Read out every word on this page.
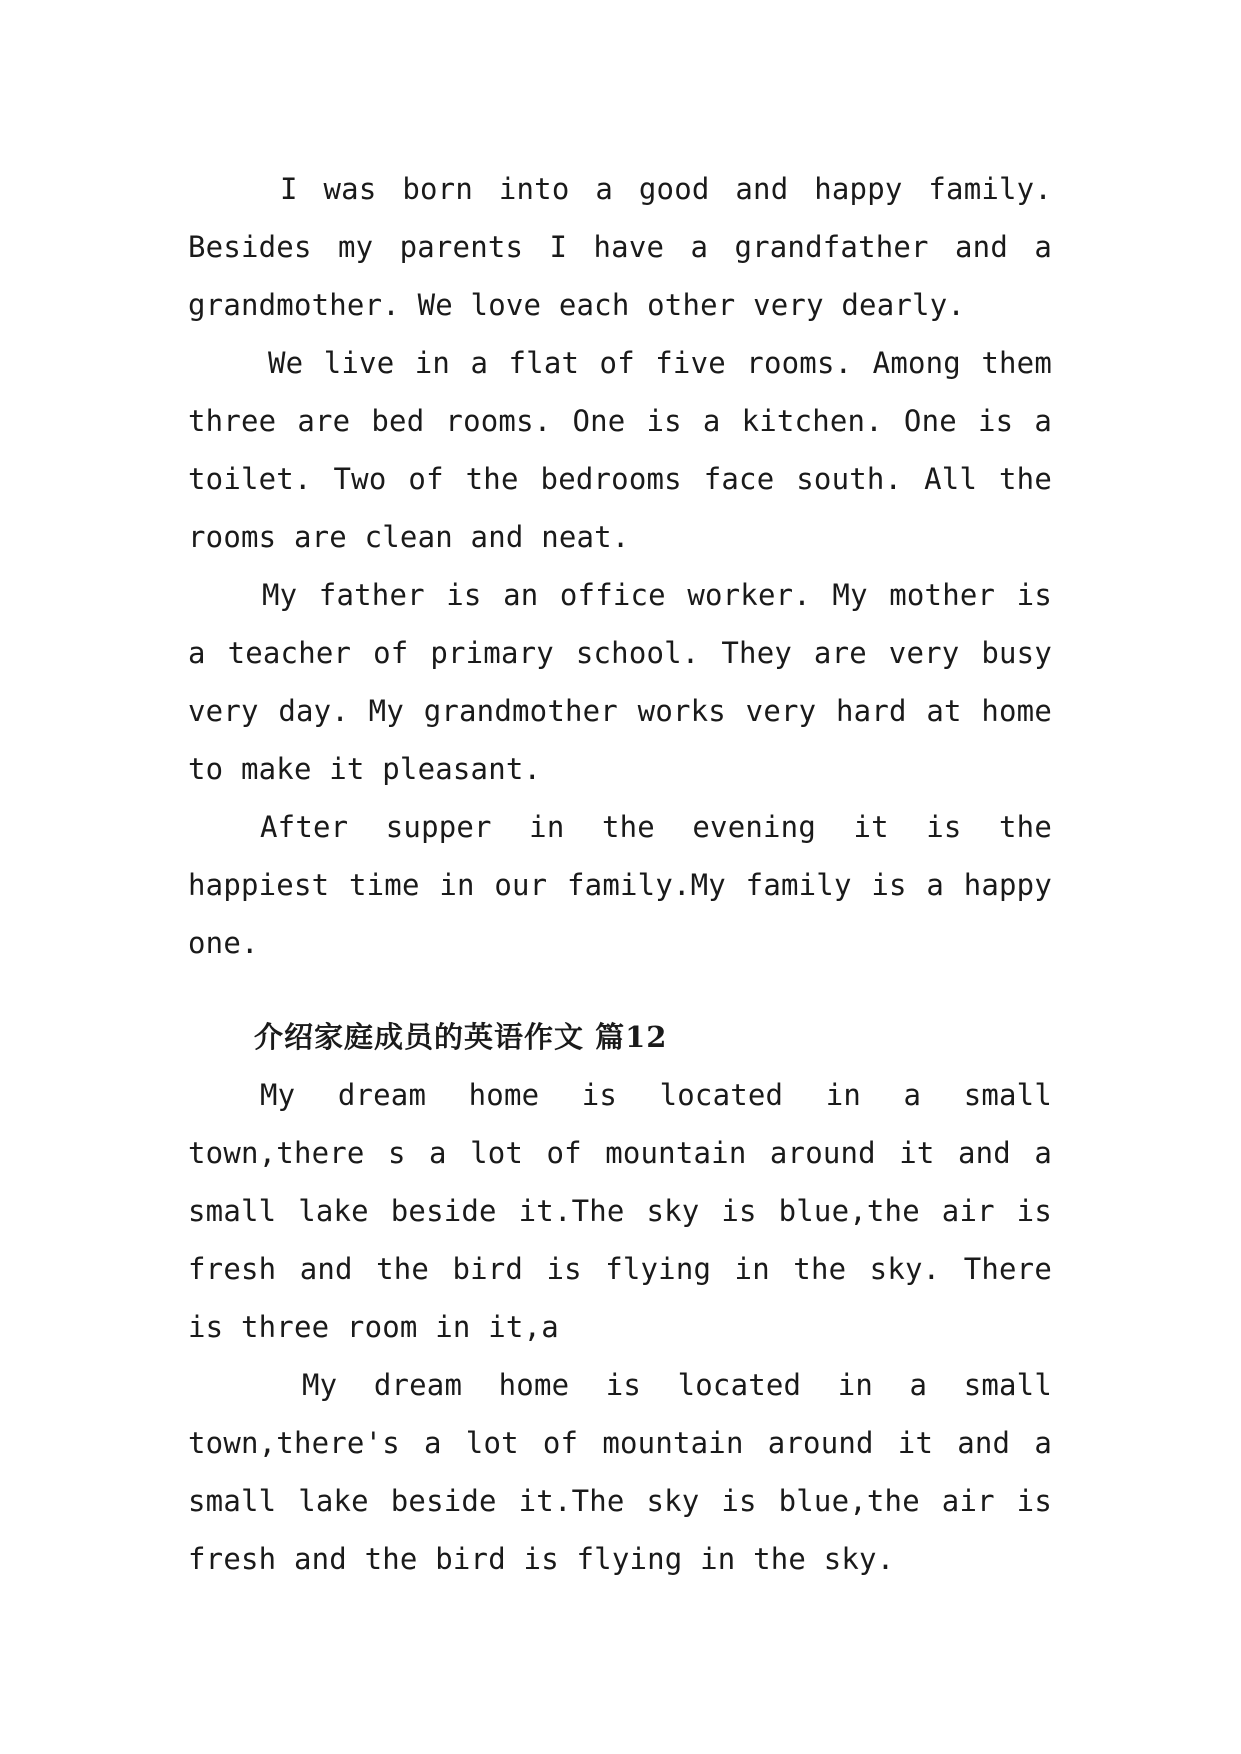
I was born into a good and happy family. Besides my parents I have a grandfather and a grandmother. We love each other very dearly.

We live in a flat of five rooms. Among them three are bed rooms. One is a kitchen. One is a toilet. Two of the bedrooms face south. All the rooms are clean and neat.

My father is an office worker. My mother is a teacher of primary school. They are very busy very day. My grandmother works very hard at home to make it pleasant.

After supper in the evening it is the happiest time in our family.My family is a happy one.

介绍家庭成员的英语作文 篇12

My dream home is located in a small town,there s a lot of mountain around it and a small lake beside it.The sky is blue,the air is fresh and the bird is flying in the sky. There is three room in it,a

My dream home is located in a small town,there's a lot of mountain around it and a small lake beside it.The sky is blue,the air is fresh and the bird is flying in the sky.
